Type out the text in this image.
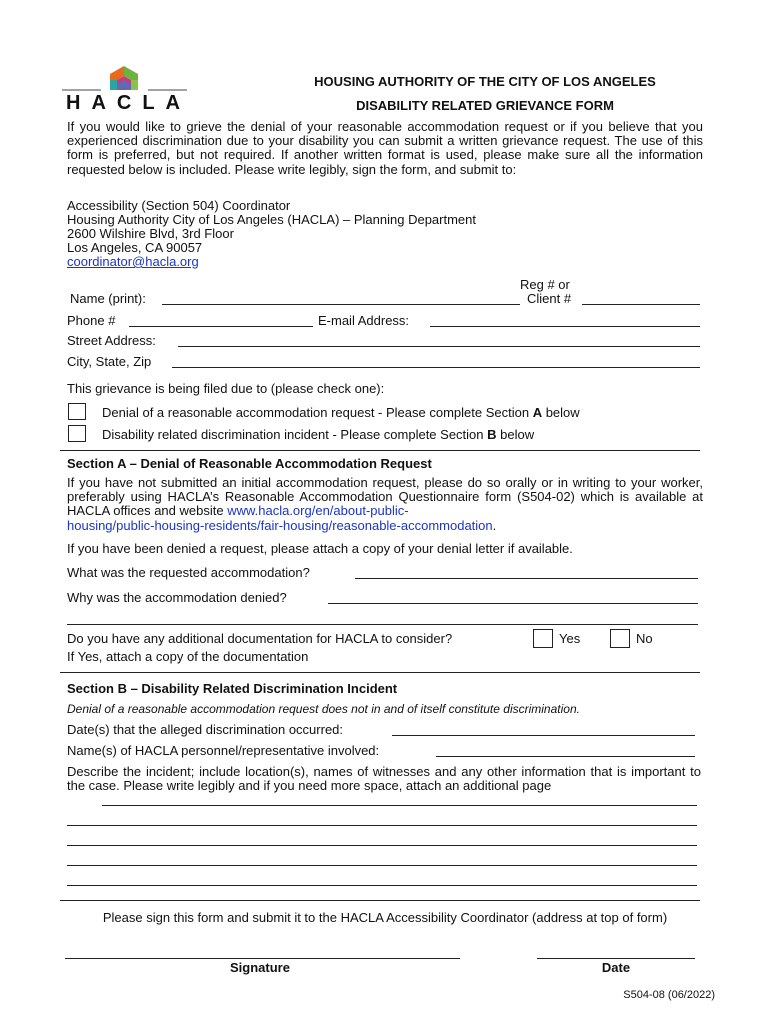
HACLA
HOUSING AUTHORITY OF THE CITY OF LOS ANGELES
DISABILITY RELATED GRIEVANCE FORM
If you would like to grieve the denial of your reasonable accommodation request or if you believe that you experienced discrimination due to your disability you can submit a written grievance request. The use of this form is preferred, but not required. If another written format is used, please make sure all the information requested below is included. Please write legibly, sign the form, and submit to:
Accessibility (Section 504) Coordinator
Housing Authority City of Los Angeles (HACLA) – Planning Department
2600 Wilshire Blvd, 3rd Floor
Los Angeles, CA 90057
coordinator@hacla.org
Reg # or
Name (print):	Client #
Phone #	E-mail Address:
Street Address:
City, State, Zip
This grievance is being filed due to (please check one):
Denial of a reasonable accommodation request - Please complete Section A below
Disability related discrimination incident - Please complete Section B below
Section A – Denial of Reasonable Accommodation Request
If you have not submitted an initial accommodation request, please do so orally or in writing to your worker, preferably using HACLA’s Reasonable Accommodation Questionnaire form (S504-02) which is available at HACLA offices and website www.hacla.org/en/about-public-
housing/public-housing-residents/fair-housing/reasonable-accommodation.
If you have been denied a request, please attach a copy of your denial letter if available.
What was the requested accommodation?
Why was the accommodation denied?
Do you have any additional documentation for HACLA to consider?	Yes	No
If Yes, attach a copy of the documentation
Section B – Disability Related Discrimination Incident
Denial of a reasonable accommodation request does not in and of itself constitute discrimination.
Date(s) that the alleged discrimination occurred:
Name(s) of HACLA personnel/representative involved:
Describe the incident; include location(s), names of witnesses and any other information that is important to the case. Please write legibly and if you need more space, attach an additional page
Please sign this form and submit it to the HACLA Accessibility Coordinator (address at top of form)
Signature	Date
S504-08 (06/2022)
